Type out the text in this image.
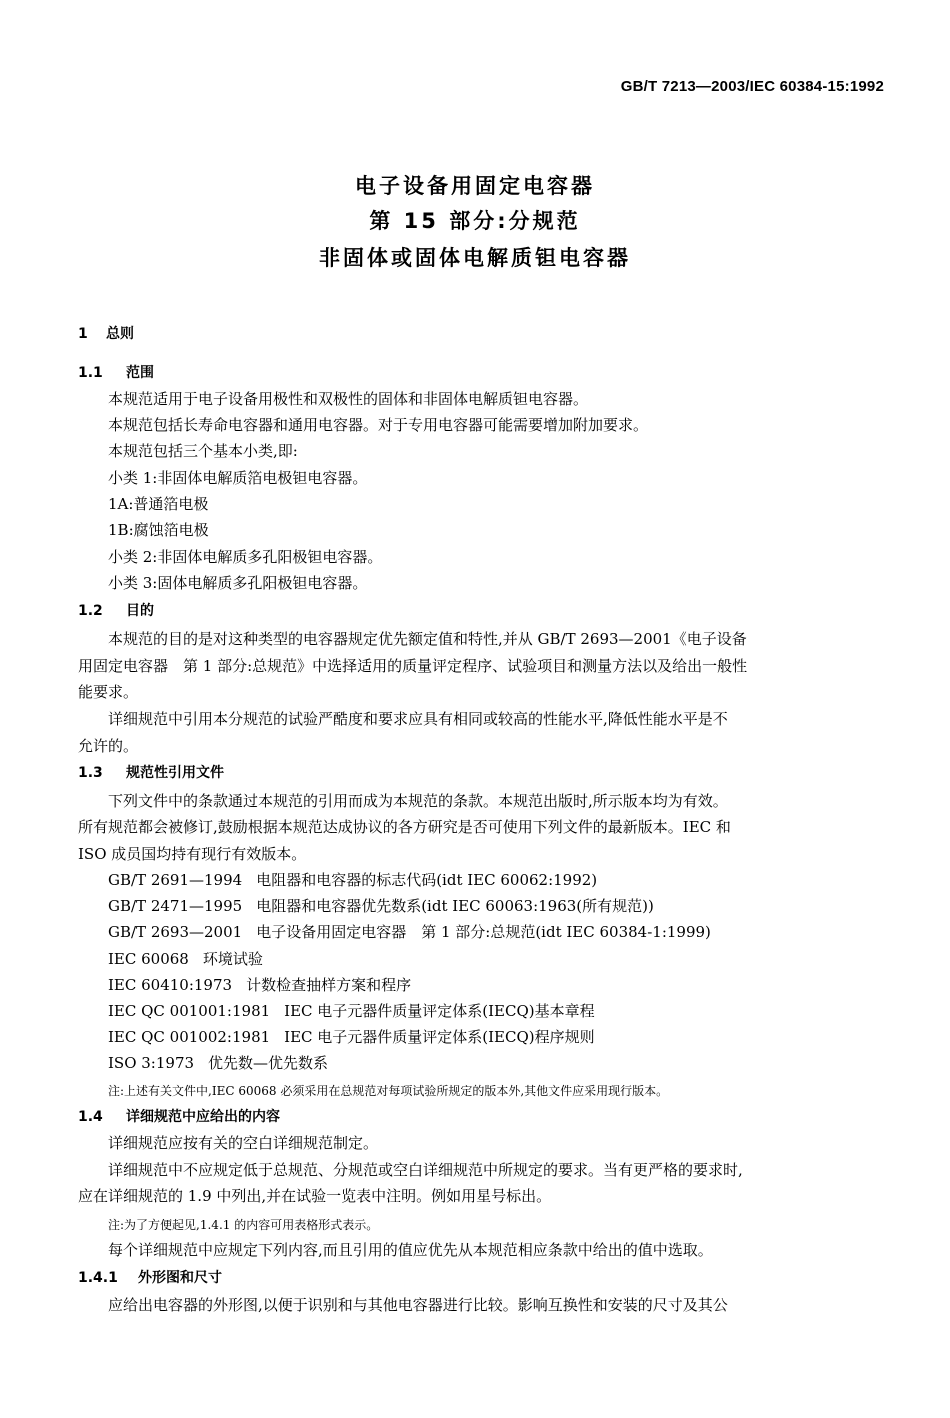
GB/T 7213—2003/IEC 60384-15:1992
电子设备用固定电容器
第 15 部分:分规范
非固体或固体电解质钽电容器
1 总则
1.1 范围
本规范适用于电子设备用极性和双极性的固体和非固体电解质钽电容器。
本规范包括长寿命电容器和通用电容器。对于专用电容器可能需要增加附加要求。
本规范包括三个基本小类,即:
小类 1:非固体电解质箔电极钽电容器。
1A:普通箔电极
1B:腐蚀箔电极
小类 2:非固体电解质多孔阳极钽电容器。
小类 3:固体电解质多孔阳极钽电容器。
1.2 目的
本规范的目的是对这种类型的电容器规定优先额定值和特性,并从 GB/T 2693—2001《电子设备
用固定电容器　第 1 部分:总规范》中选择适用的质量评定程序、试验项目和测量方法以及给出一般性
能要求。
详细规范中引用本分规范的试验严酷度和要求应具有相同或较高的性能水平,降低性能水平是不
允许的。
1.3 规范性引用文件
下列文件中的条款通过本规范的引用而成为本规范的条款。本规范出版时,所示版本均为有效。
所有规范都会被修订,鼓励根据本规范达成协议的各方研究是否可使用下列文件的最新版本。IEC 和
ISO 成员国均持有现行有效版本。
GB/T 2691—1994 电阻器和电容器的标志代码(idt IEC 60062:1992)
GB/T 2471—1995 电阻器和电容器优先数系(idt IEC 60063:1963(所有规范))
GB/T 2693—2001 电子设备用固定电容器　第 1 部分:总规范(idt IEC 60384-1:1999)
IEC 60068 环境试验
IEC 60410:1973 计数检查抽样方案和程序
IEC QC 001001:1981 IEC 电子元器件质量评定体系(IECQ)基本章程
IEC QC 001002:1981 IEC 电子元器件质量评定体系(IECQ)程序规则
ISO 3:1973 优先数—优先数系
注:上述有关文件中,IEC 60068 必须采用在总规范对每项试验所规定的版本外,其他文件应采用现行版本。
1.4 详细规范中应给出的内容
详细规范应按有关的空白详细规范制定。
详细规范中不应规定低于总规范、分规范或空白详细规范中所规定的要求。当有更严格的要求时,
应在详细规范的 1.9 中列出,并在试验一览表中注明。例如用星号标出。
注:为了方便起见,1.4.1 的内容可用表格形式表示。
每个详细规范中应规定下列内容,而且引用的值应优先从本规范相应条款中给出的值中选取。
1.4.1 外形图和尺寸
应给出电容器的外形图,以便于识别和与其他电容器进行比较。影响互换性和安装的尺寸及其公
